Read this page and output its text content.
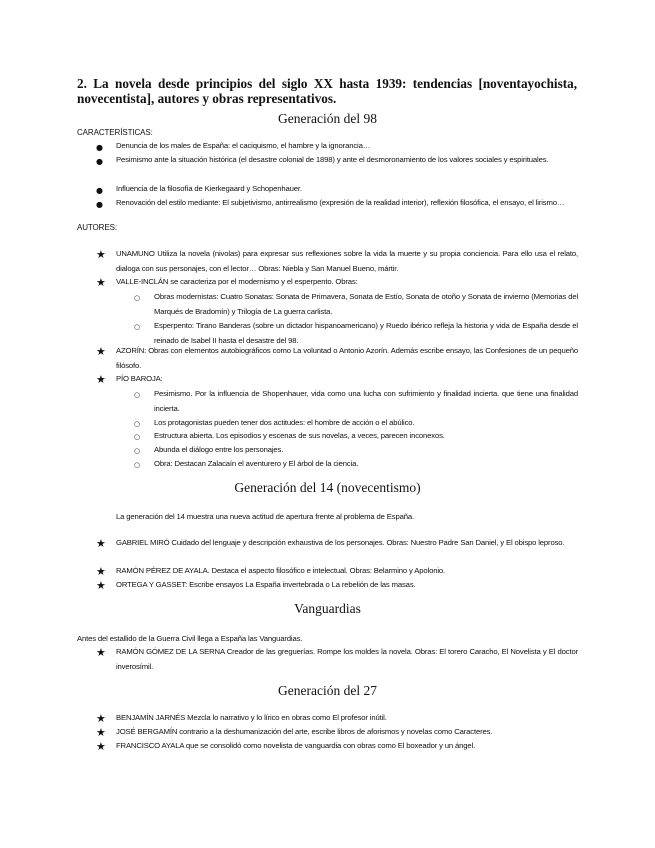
2. La novela desde principios del siglo XX hasta 1939: tendencias [noventayochista, novecentista], autores y obras representativos.
Generación del 98
CARACTERÍSTICAS:
● Denuncia de los males de España: el caciquismo, el hambre y la ignorancia…

● Pesimismo ante la situación histórica (el desastre colonial de 1898) y ante el desmoronamiento de los valores sociales y espirituales.

● Influencia de la filosofía de Kierkegaard y Schopenhauer.

● Renovación del estilo mediante: El subjetivismo, antirrealismo (expresión de la realidad interior), reflexión filosófica, el ensayo, el lirismo…

AUTORES:
★ UNAMUNO Utiliza la novela (nivolas) para expresar sus reflexiones sobre la vida la muerte y su propia conciencia. Para ello usa el relato, dialoga con sus personajes, con el lector… Obras: Niebla y San Manuel Bueno, mártir.

★ VALLE-INCLÁN se caracteriza por el modernismo y el esperpento. Obras:

○ Obras modernistas: Cuatro Sonatas: Sonata de Primavera, Sonata de Estío, Sonata de otoño y Sonata de invierno (Memorias del Marqués de Bradomín) y Trilogía de La guerra carlista.

○ Esperpento: Tirano Banderas (sobre un dictador hispanoamericano) y Ruedo ibérico refleja la historia y vida de España desde el reinado de Isabel II hasta el desastre del 98.

★ AZORÍN: Obras con elementos autobiográficos como La voluntad o Antonio Azorín. Además escribe ensayo, las Confesiones de un pequeño filósofo.

★ PÍO BAROJA:

○ Pesimismo. Por la influencia de Shopenhauer, vida como una lucha con sufrimiento y finalidad incierta. que tiene una finalidad incierta.

○ Los protagonistas pueden tener dos actitudes: el hombre de acción o el abúlico.

○ Estructura abierta. Los episodios y escenas de sus novelas, a veces, parecen inconexos.

○ Abunda el diálogo entre los personajes.

○ Obra: Destacan Zalacaín el aventurero y El árbol de la ciencia.

Generación del 14 (novecentismo)

La generación del 14 muestra una nueva actitud de apertura frente al problema de España.

★ GABRIEL MIRÓ Cuidado del lenguaje y descripción exhaustiva de los personajes. Obras: Nuestro Padre San Daniel, y El obispo leproso.

★ RAMÓN PÉREZ DE AYALA. Destaca el aspecto filosófico e intelectual. Obras: Belarmino y Apolonio.

★ ORTEGA Y GASSET: Escribe ensayos La España invertebrada o La rebelión de las masas.

Vanguardias

Antes del estallido de la Guerra Civil llega a España las Vanguardias.

★ RAMÓN GÓMEZ DE LA SERNA Creador de las greguerías. Rompe los moldes la novela. Obras: El torero Caracho, El Novelista y El doctor inverosímil.

Generación del 27
★ BENJAMÍN JARNÉS Mezcla lo narrativo y lo lírico en obras como El profesor inútil.

★ JOSÉ BERGAMÍN contrario a la deshumanización del arte, escribe libros de aforismos y novelas como Caracteres.

★ FRANCISCO AYALA que se consolidó como novelista de vanguardia con obras como El boxeador y un ángel.
